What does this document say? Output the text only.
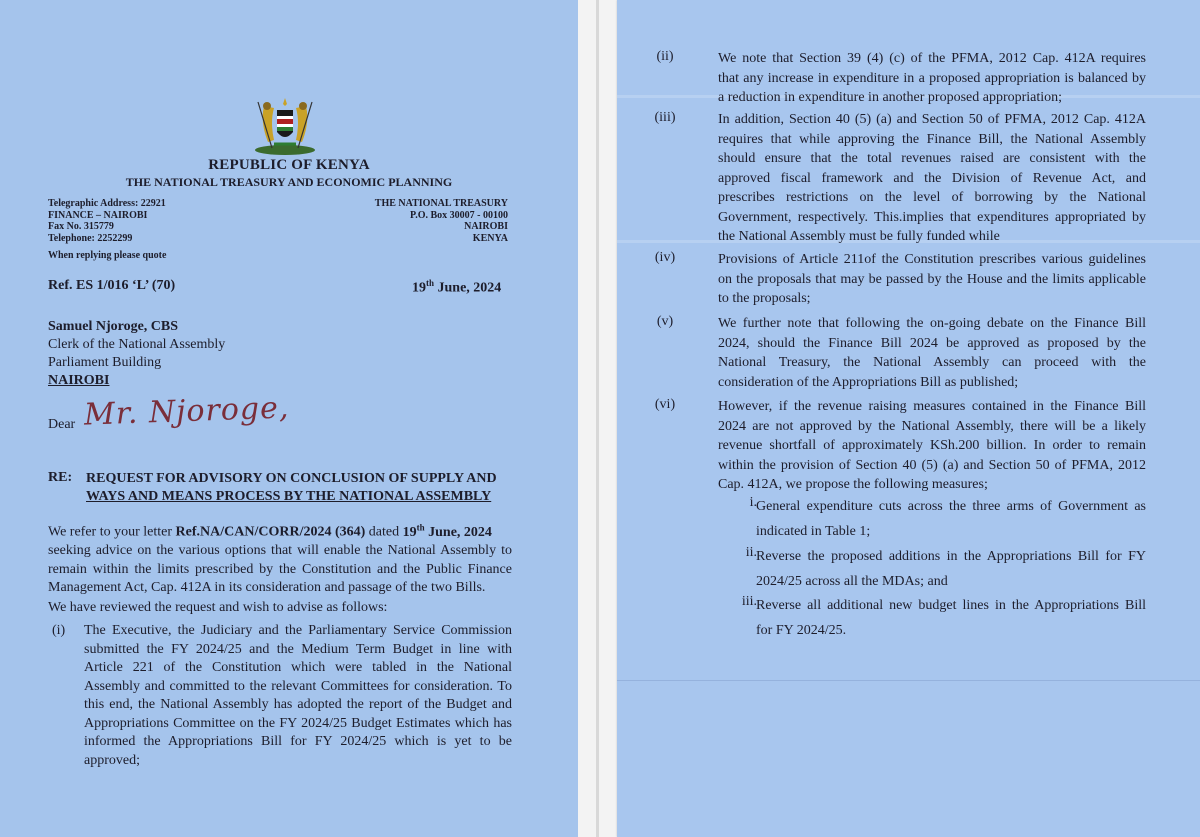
REPUBLIC OF KENYA
THE NATIONAL TREASURY AND ECONOMIC PLANNING
Telegraphic Address: 22921
FINANCE – NAIROBI
Fax No. 315779
Telephone: 2252299
THE NATIONAL TREASURY
P.O. Box 30007 - 00100
NAIROBI
KENYA
When replying please quote
Ref. ES 1/016 ‘L’ (70)	19th June, 2024
Samuel Njoroge, CBS
Clerk of the National Assembly
Parliament Building
NAIROBI
Dear Mr. Njoroge,
RE: REQUEST FOR ADVISORY ON CONCLUSION OF SUPPLY AND
WAYS AND MEANS PROCESS BY THE NATIONAL ASSEMBLY
We refer to your letter Ref.NA/CAN/CORR/2024 (364) dated 19th June, 2024
seeking advice on the various options that will enable the National Assembly to
remain within the limits prescribed by the Constitution and the Public Finance
Management Act, Cap. 412A in its consideration and passage of the two Bills.
We have reviewed the request and wish to advise as follows:
(i) The Executive, the Judiciary and the Parliamentary Service Commission
submitted the FY 2024/25 and the Medium Term Budget in line with
Article 221 of the Constitution which were tabled in the National
Assembly and committed to the relevant Committees for consideration. To
this end, the National Assembly has adopted the report of the Budget and
Appropriations Committee on the FY 2024/25 Budget Estimates which has
informed the Appropriations Bill for FY 2024/25 which is yet to be
approved;
(ii)	We note that Section 39 (4) (c) of the PFMA, 2012 Cap. 412A requires
that any increase in expenditure in a proposed appropriation is balanced by
a reduction in expenditure in another proposed appropriation;
(iii)	In addition, Section 40 (5) (a) and Section 50 of PFMA, 2012 Cap. 412A
requires that while approving the Finance Bill, the National Assembly
should ensure that the total revenues raised are consistent with the
approved fiscal framework and the Division of Revenue Act, and
prescribes restrictions on the level of borrowing by the National
Government, respectively. This.implies that expenditures appropriated by
the National Assembly must be fully funded while
(iv)	Provisions of Article 211of the Constitution prescribes various guidelines
on the proposals that may be passed by the House and the limits applicable
to the proposals;
(v)	We further note that following the on-going debate on the Finance Bill
2024, should the Finance Bill 2024 be approved as proposed by the
National Treasury, the National Assembly can proceed with the
consideration of the Appropriations Bill as published;
(vi)	However, if the revenue raising measures contained in the Finance Bill
2024 are not approved by the National Assembly, there will be a likely
revenue shortfall of approximately KSh.200 billion. In order to remain
within the provision of Section 40 (5) (a) and Section 50 of PFMA, 2012
Cap. 412A, we propose the following measures;
i. General expenditure cuts across the three arms of Government as
indicated in Table 1;
ii. Reverse the proposed additions in the Appropriations Bill for FY
2024/25 across all the MDAs; and
iii. Reverse all additional new budget lines in the Appropriations Bill
for FY 2024/25.
